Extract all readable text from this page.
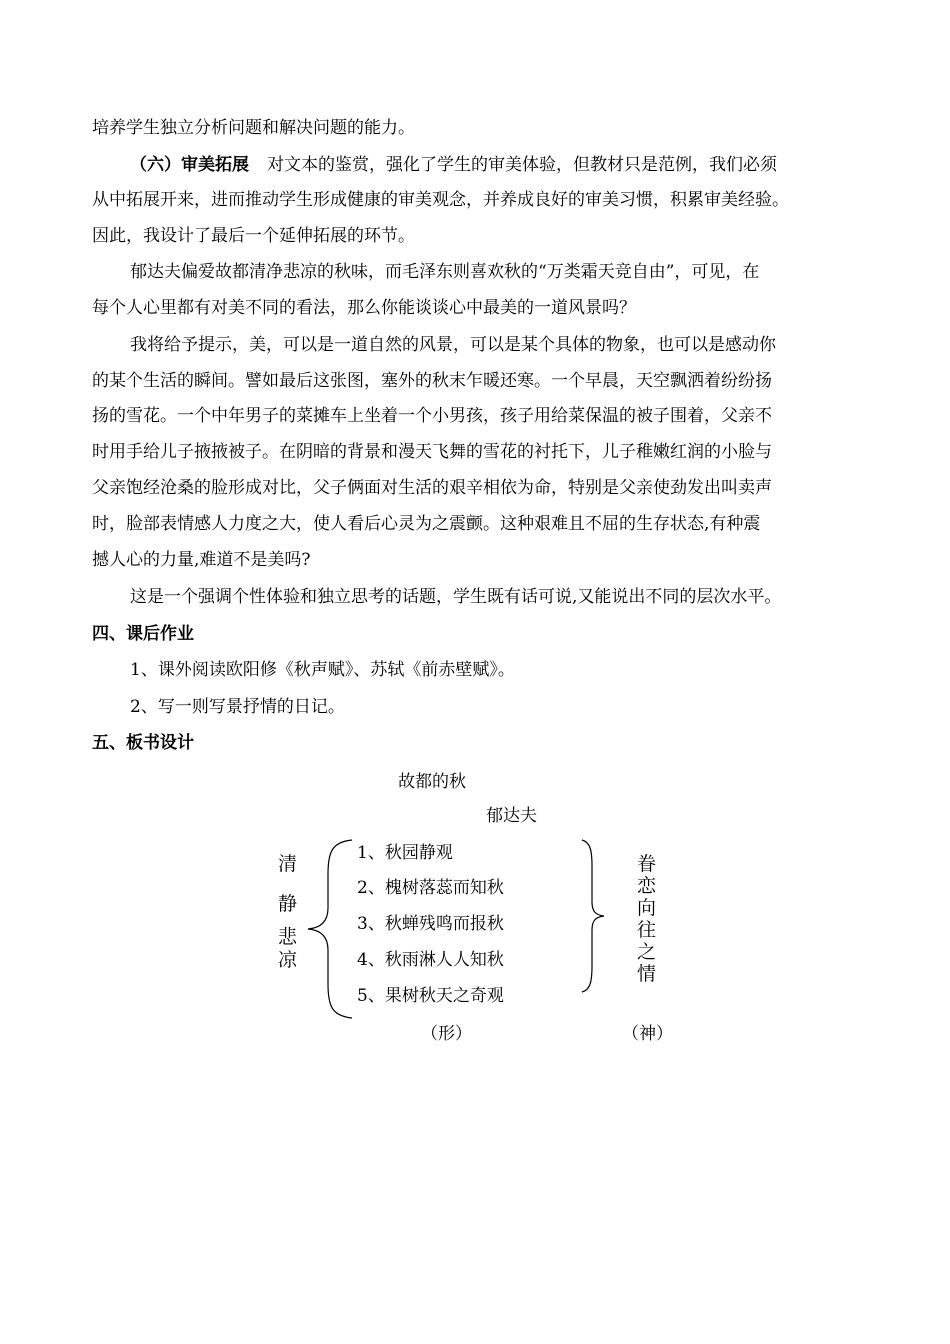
培养学生独立分析问题和解决问题的能力。
（六）审美拓展 对文本的鉴赏，强化了学生的审美体验，但教材只是范例，我们必须
从中拓展开来，进而推动学生形成健康的审美观念，并养成良好的审美习惯，积累审美经验。
因此，我设计了最后一个延伸拓展的环节。
郁达夫偏爱故都清净悲凉的秋味，而毛泽东则喜欢秋的“万类霜天竞自由”，可见，在
每个人心里都有对美不同的看法，那么你能谈谈心中最美的一道风景吗？
我将给予提示，美，可以是一道自然的风景，可以是某个具体的物象，也可以是感动你
的某个生活的瞬间。譬如最后这张图，塞外的秋末乍暖还寒。一个早晨，天空飘洒着纷纷扬
扬的雪花。一个中年男子的菜摊车上坐着一个小男孩，孩子用给菜保温的被子围着，父亲不
时用手给儿子掖掖被子。在阴暗的背景和漫天飞舞的雪花的衬托下，儿子稚嫩红润的小脸与
父亲饱经沧桑的脸形成对比，父子俩面对生活的艰辛相依为命，特别是父亲使劲发出叫卖声
时，脸部表情感人力度之大，使人看后心灵为之震颤。这种艰难且不屈的生存状态,有种震
撼人心的力量,难道不是美吗?
这是一个强调个性体验和独立思考的话题，学生既有话可说,又能说出不同的层次水平。
四、课后作业
1、课外阅读欧阳修《秋声赋》、苏轼《前赤壁赋》。
2、写一则写景抒情的日记。
五、板书设计
故都的秋
郁达夫
清
静
悲
凉
1、秋园静观
2、槐树落蕊而知秋
3、秋蝉残鸣而报秋
4、秋雨淋人人知秋
5、果树秋天之奇观
眷
恋
向
往
之
情
（形）	（神）
